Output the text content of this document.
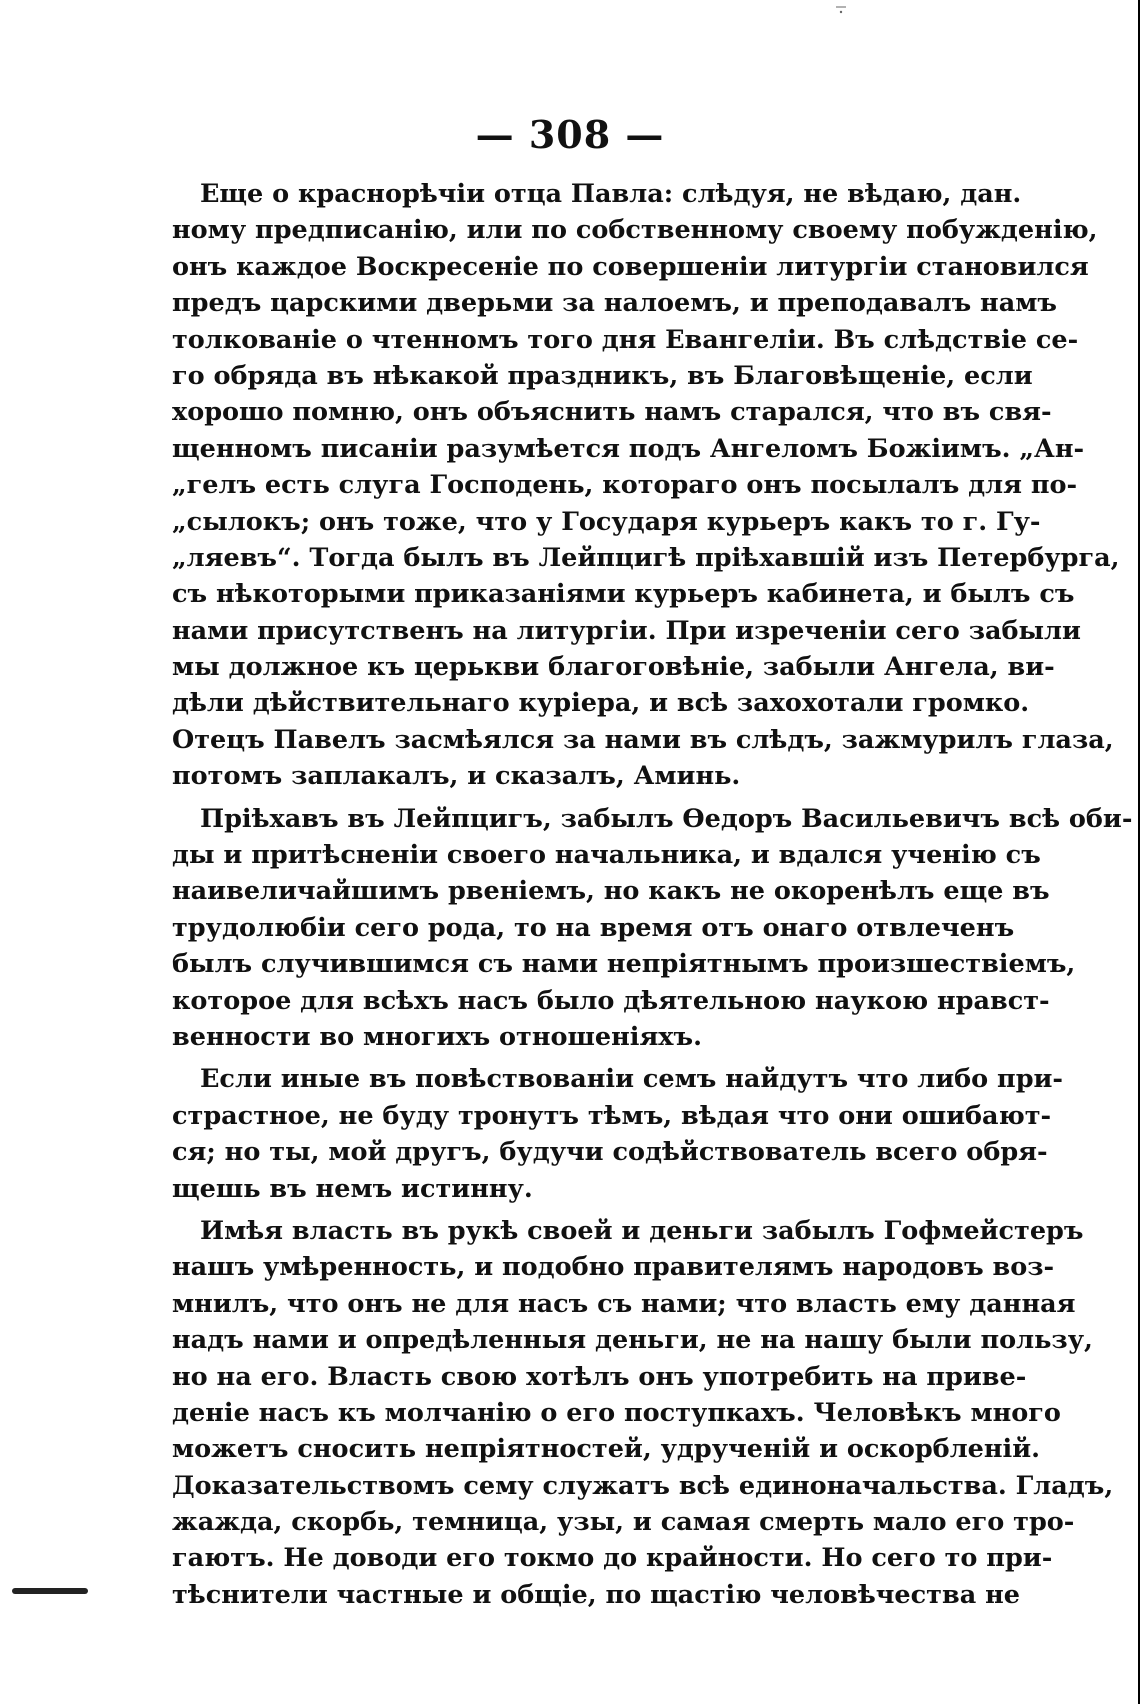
— 308 —
Еще о краснорѣчіи отца Павла: слѣдуя, не вѣдаю, дан.
ному предписанію, или по собственному своему побужденію,
онъ каждое Воскресеніе по совершеніи литургіи становился
предъ царскими дверьми за налоемъ, и преподавалъ намъ
толкованіе о чтенномъ того дня Евангеліи. Въ слѣдствіе се-
го обряда въ нѣкакой праздникъ, въ Благовѣщеніе, если
хорошо помню, онъ объяснить намъ старался, что въ свя-
щенномъ писаніи разумѣется подъ Ангеломъ Божіимъ. „Ан-
„гелъ есть слуга Господень, котораго онъ посылалъ для по-
„сылокъ; онъ тоже, что у Государя курьеръ какъ то г. Гу-
„ляевъ“. Тогда былъ въ Лейпцигѣ пріѣхавшій изъ Петербурга,
съ нѣкоторыми приказаніями курьеръ кабинета, и былъ съ
нами присутственъ на литургіи. При изреченіи сего забыли
мы должное къ церькви благоговѣніе, забыли Ангела, ви-
дѣли дѣйствительнаго куріера, и всѣ захохотали громко.
Отецъ Павелъ засмѣялся за нами въ слѣдъ, зажмурилъ глаза,
потомъ заплакалъ, и сказалъ, Аминь.
Пріѣхавъ въ Лейпцигъ, забылъ Ѳедоръ Васильевичъ всѣ оби-
ды и притѣсненіи своего начальника, и вдался ученію съ
наивеличайшимъ рвеніемъ, но какъ не окоренѣлъ еще въ
трудолюбіи сего рода, то на время отъ онаго отвлеченъ
былъ случившимся съ нами непріятнымъ произшествіемъ,
которое для всѣхъ насъ было дѣятельною наукою нравст-
венности во многихъ отношеніяхъ.
Если иные въ повѣствованіи семъ найдутъ что либо при-
страстное, не буду тронутъ тѣмъ, вѣдая что они ошибают-
ся; но ты, мой другъ, будучи содѣйствователь всего обря-
щешь въ немъ истинну.
Имѣя власть въ рукѣ своей и деньги забылъ Гофмейстеръ
нашъ умѣренность, и подобно правителямъ народовъ воз-
мнилъ, что онъ не для насъ съ нами; что власть ему данная
надъ нами и опредѣленныя деньги, не на нашу были пользу,
но на его. Власть свою хотѣлъ онъ употребить на приве-
деніе насъ къ молчанію о его поступкахъ. Человѣкъ много
можетъ сносить непріятностей, удрученій и оскорбленій.
Доказательствомъ сему служатъ всѣ единоначальства. Гладъ,
жажда, скорбь, темница, узы, и самая смерть мало его тро-
гаютъ. Не доводи его токмо до крайности. Но сего то при-
тѣснители частные и общіе, по щастію человѣчества не
